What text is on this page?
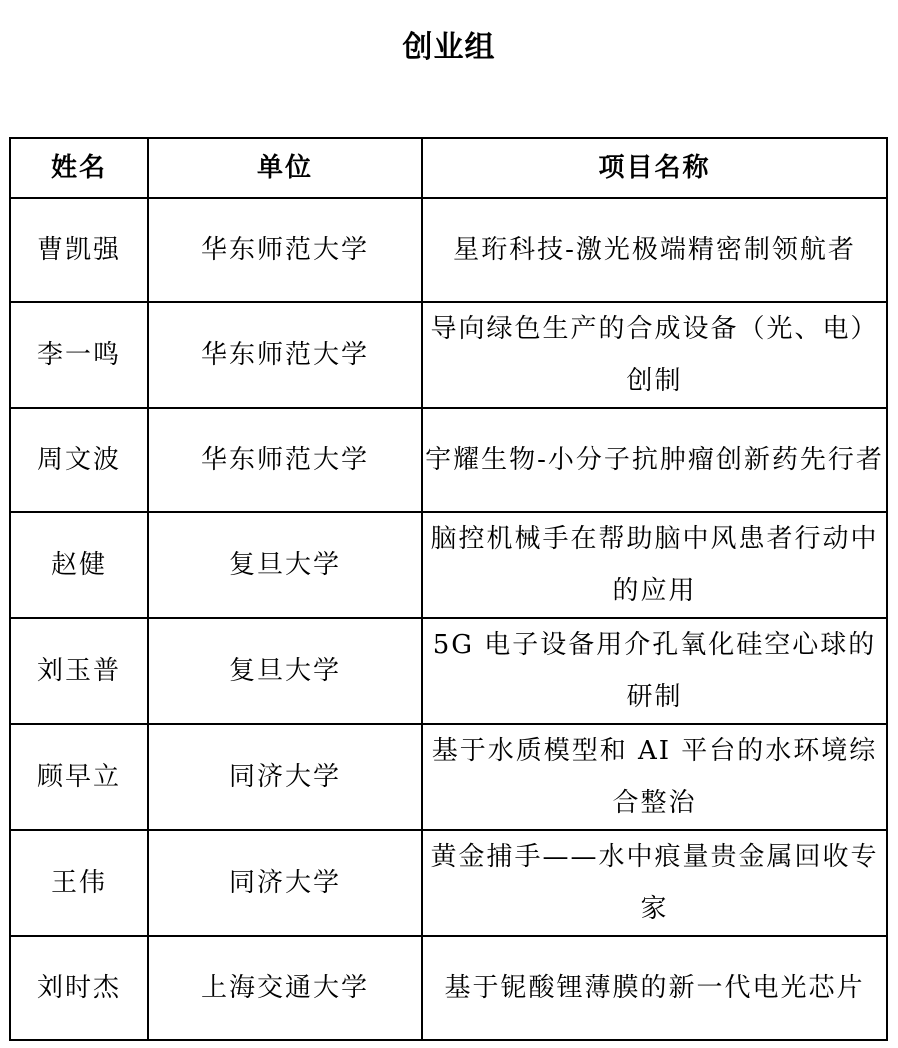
创业组
姓名	单位	项目名称
曹凯强	华东师范大学	星珩科技-激光极端精密制领航者
李一鸣	华东师范大学	导向绿色生产的合成设备（光、电）创制
周文波	华东师范大学	宇耀生物-小分子抗肿瘤创新药先行者
赵健	复旦大学	脑控机械手在帮助脑中风患者行动中的应用
刘玉普	复旦大学	5G 电子设备用介孔氧化硅空心球的研制
顾早立	同济大学	基于水质模型和 AI 平台的水环境综合整治
王伟	同济大学	黄金捕手——水中痕量贵金属回收专家
刘时杰	上海交通大学	基于铌酸锂薄膜的新一代电光芯片
